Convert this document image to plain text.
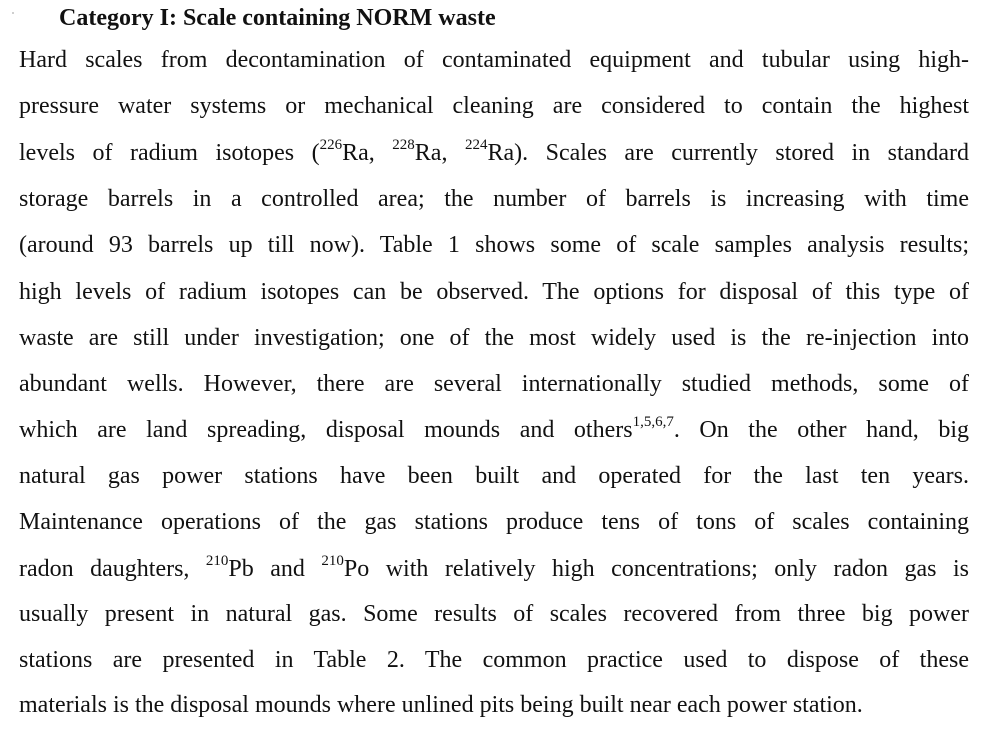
Category I: Scale containing NORM waste
Hard scales from decontamination of contaminated equipment and tubular using high-
pressure water systems or mechanical cleaning are considered to contain the highest
levels of radium isotopes ($^{226}$Ra, $^{228}$Ra, $^{224}$Ra). Scales are currently stored in standard
storage barrels in a controlled area; the number of barrels is increasing with time
(around 93 barrels up till now). Table 1 shows some of scale samples analysis results;
high levels of radium isotopes can be observed. The options for disposal of this type of
waste are still under investigation; one of the most widely used is the re-injection into
abundant wells. However, there are several internationally studied methods, some of
which are land spreading, disposal mounds and others$^{1,5,6,7}$. On the other hand, big
natural gas power stations have been built and operated for the last ten years.
Maintenance operations of the gas stations produce tens of tons of scales containing
radon daughters, $^{210}$Pb and $^{210}$Po with relatively high concentrations; only radon gas is
usually present in natural gas. Some results of scales recovered from three big power
stations are presented in Table 2. The common practice used to dispose of these
materials is the disposal mounds where unlined pits being built near each power station.
